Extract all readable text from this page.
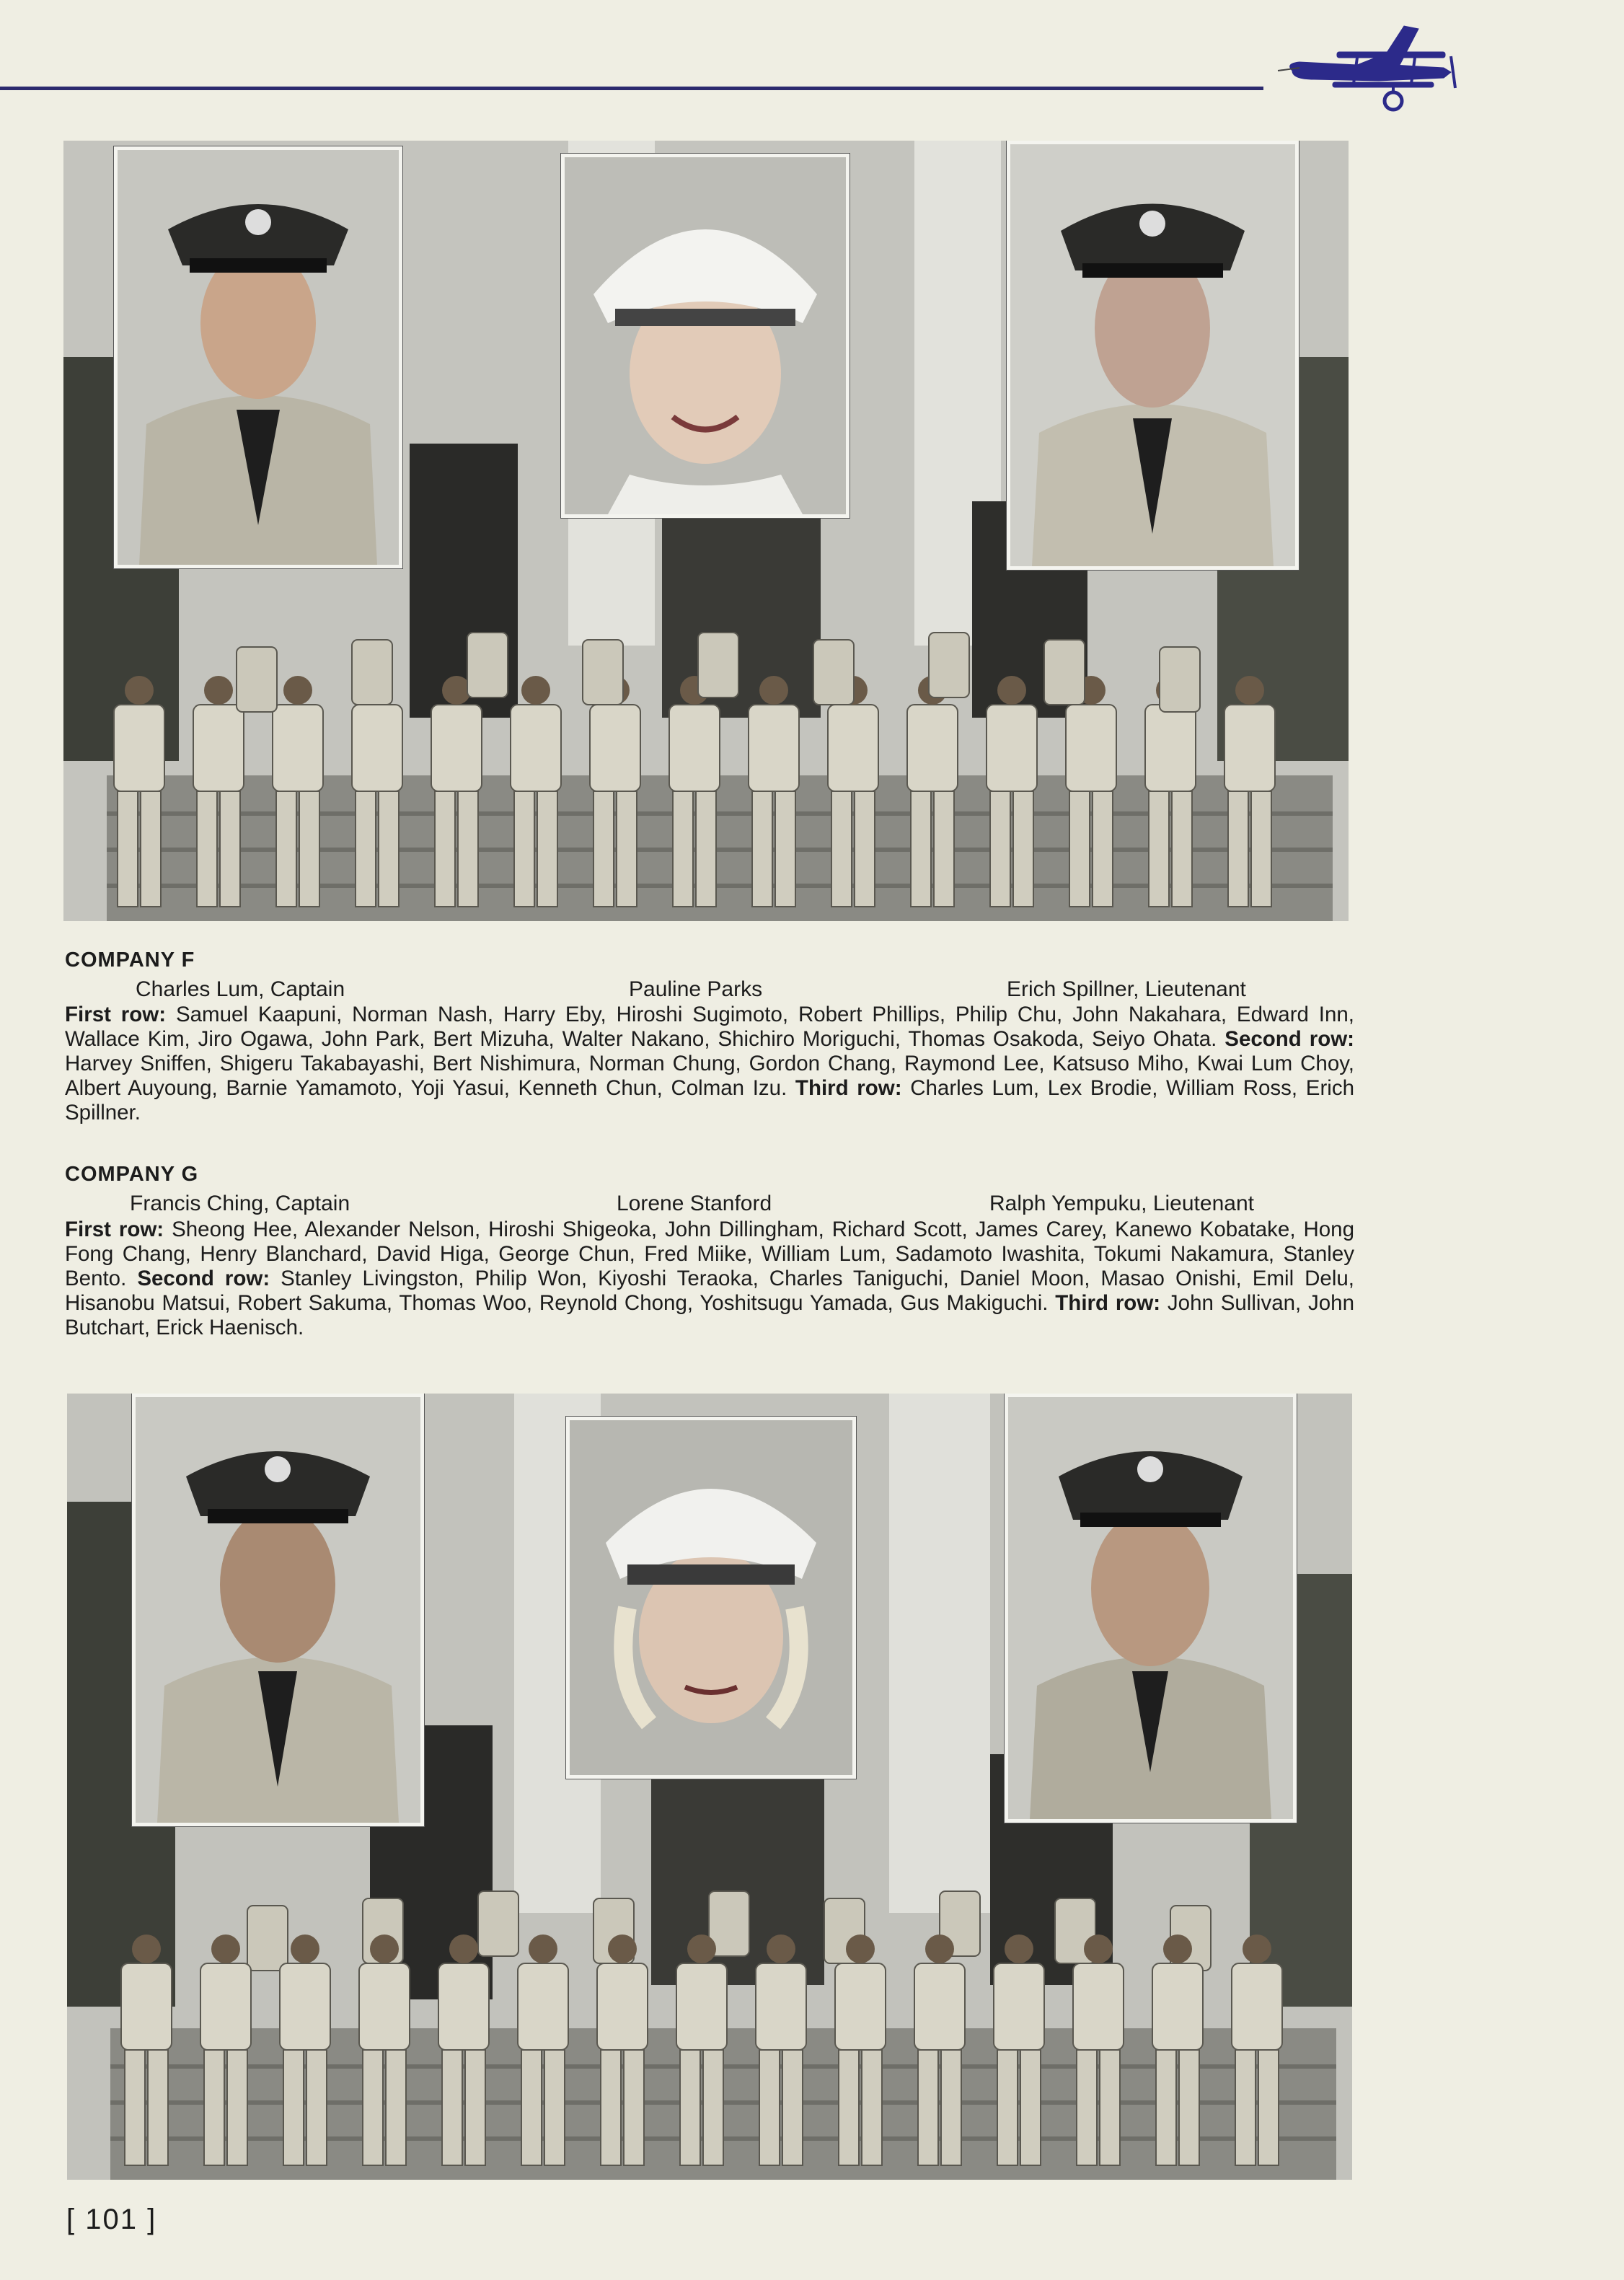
COMPANY F
Charles Lum, Captain	Pauline Parks	Erich Spillner, Lieutenant
First row: Samuel Kaapuni, Norman Nash, Harry Eby, Hiroshi Sugimoto, Robert Phillips, Philip Chu, John Nakahara, Edward Inn, Wallace Kim, Jiro Ogawa, John Park, Bert Mizuha, Walter Nakano, Shichiro Moriguchi, Thomas Osakoda, Seiyo Ohata. Second row: Harvey Sniffen, Shigeru Takabayashi, Bert Nishimura, Norman Chung, Gordon Chang, Raymond Lee, Katsuso Miho, Kwai Lum Choy, Albert Auyoung, Barnie Yamamoto, Yoji Yasui, Kenneth Chun, Colman Izu. Third row: Charles Lum, Lex Brodie, William Ross, Erich Spillner.
COMPANY G
Francis Ching, Captain	Lorene Stanford	Ralph Yempuku, Lieutenant
First row: Sheong Hee, Alexander Nelson, Hiroshi Shigeoka, John Dillingham, Richard Scott, James Carey, Kanewo Kobatake, Hong Fong Chang, Henry Blanchard, David Higa, George Chun, Fred Miike, William Lum, Sadamoto Iwashita, Tokumi Nakamura, Stanley Bento. Second row: Stanley Livingston, Philip Won, Kiyoshi Teraoka, Charles Taniguchi, Daniel Moon, Masao Onishi, Emil Delu, Hisanobu Matsui, Robert Sakuma, Thomas Woo, Reynold Chong, Yoshitsugu Yamada, Gus Makiguchi. Third row: John Sullivan, John Butchart, Erick Haenisch.
[ 101 ]
